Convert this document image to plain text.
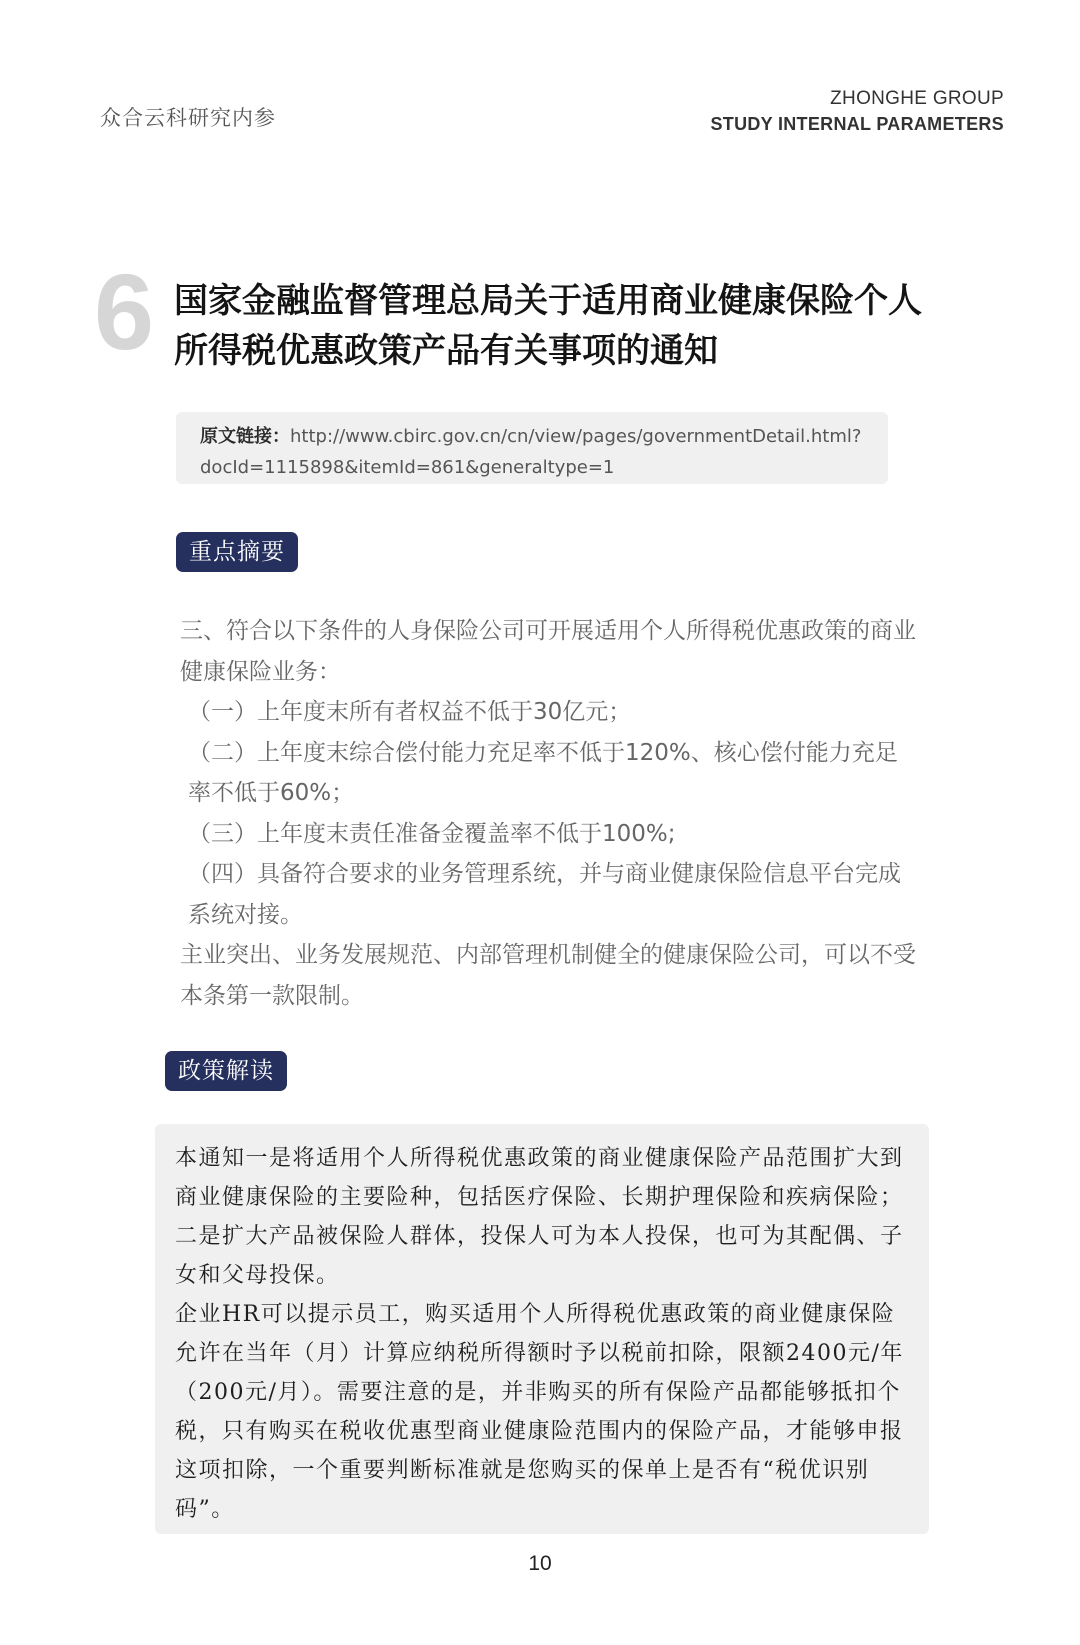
众合云科研究内参
ZHONGHE GROUP
STUDY INTERNAL PARAMETERS
6 国家金融监督管理总局关于适用商业健康保险个人所得税优惠政策产品有关事项的通知
原文链接：http://www.cbirc.gov.cn/cn/view/pages/governmentDetail.html?docId=1115898&itemId=861&generaltype=1
重点摘要

三、符合以下条件的人身保险公司可开展适用个人所得税优惠政策的商业健康保险业务：

（一）上年度末所有者权益不低于30亿元；

（二）上年度末综合偿付能力充足率不低于120%、核心偿付能力充足率不低于60%；

（三）上年度末责任准备金覆盖率不低于100%;

（四）具备符合要求的业务管理系统，并与商业健康保险信息平台完成系统对接。

主业突出、业务发展规范、内部管理机制健全的健康保险公司，可以不受本条第一款限制。

政策解读

本通知一是将适用个人所得税优惠政策的商业健康保险产品范围扩大到商业健康保险的主要险种，包括医疗保险、长期护理保险和疾病保险；二是扩大产品被保险人群体，投保人可为本人投保，也可为其配偶、子女和父母投保。

企业HR可以提示员工，购买适用个人所得税优惠政策的商业健康保险允许在当年（月）计算应纳税所得额时予以税前扣除，限额2400元/年（200元/月）。需要注意的是，并非购买的所有保险产品都能够抵扣个税，只有购买在税收优惠型商业健康险范围内的保险产品，才能够申报这项扣除，一个重要判断标准就是您购买的保单上是否有“税优识别码”。

10
